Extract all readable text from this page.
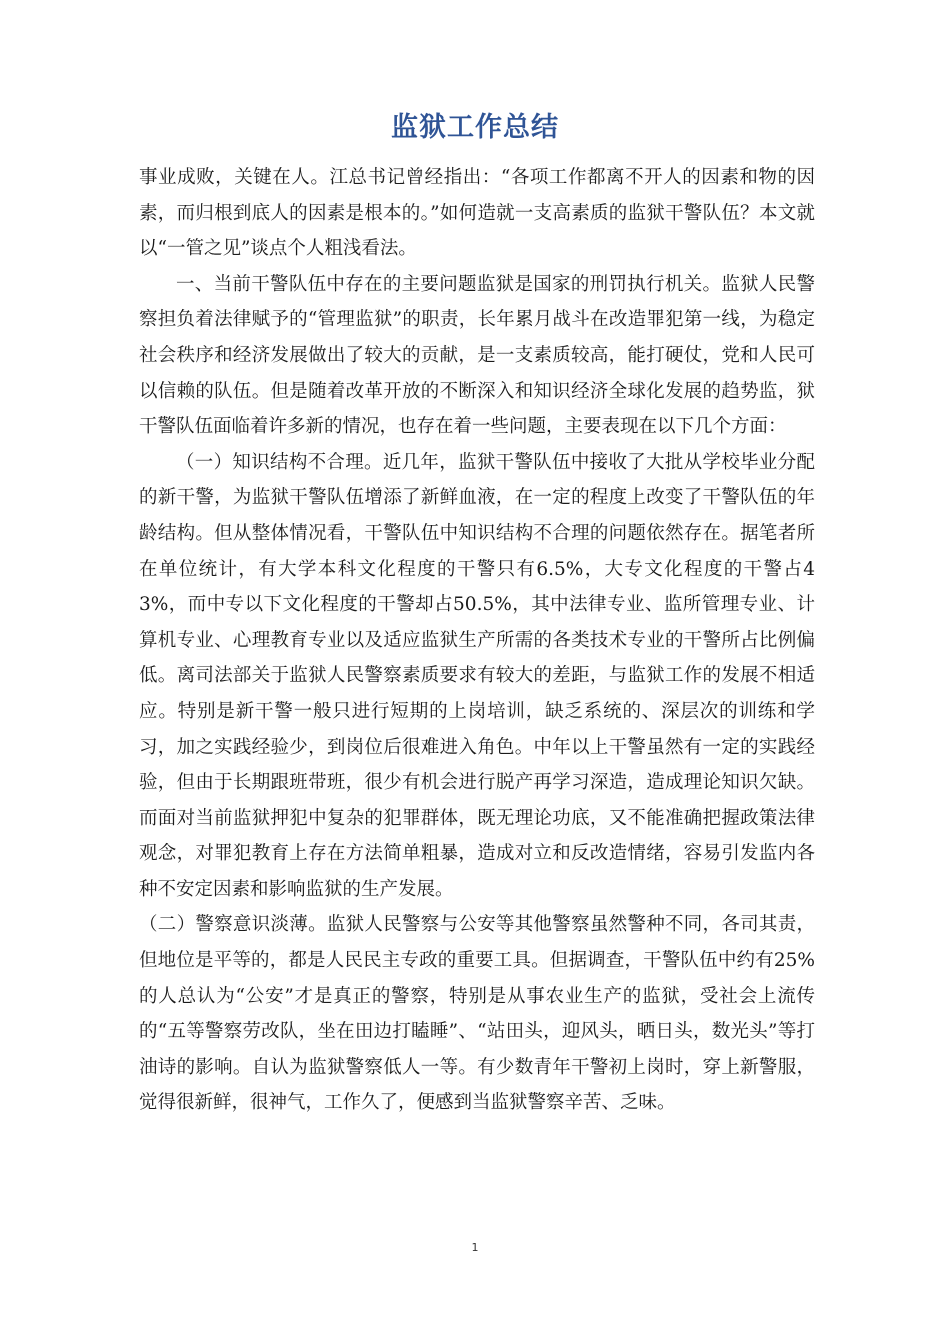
监狱工作总结

事业成败，关键在人。江总书记曾经指出：“各项工作都离不开人的因素和物的因素，而归根到底人的因素是根本的。”如何造就一支高素质的监狱干警队伍？本文就以“一管之见”谈点个人粗浅看法。

一、当前干警队伍中存在的主要问题监狱是国家的刑罚执行机关。监狱人民警察担负着法律赋予的“管理监狱”的职责，长年累月战斗在改造罪犯第一线，为稳定社会秩序和经济发展做出了较大的贡献，是一支素质较高，能打硬仗，党和人民可以信赖的队伍。但是随着改革开放的不断深入和知识经济全球化发展的趋势监，狱干警队伍面临着许多新的情况，也存在着一些问题，主要表现在以下几个方面：

（一）知识结构不合理。近几年，监狱干警队伍中接收了大批从学校毕业分配的新干警，为监狱干警队伍增添了新鲜血液，在一定的程度上改变了干警队伍的年龄结构。但从整体情况看，干警队伍中知识结构不合理的问题依然存在。据笔者所在单位统计，有大学本科文化程度的干警只有6.5%，大专文化程度的干警占43%，而中专以下文化程度的干警却占50.5%，其中法律专业、监所管理专业、计算机专业、心理教育专业以及适应监狱生产所需的各类技术专业的干警所占比例偏低。离司法部关于监狱人民警察素质要求有较大的差距，与监狱工作的发展不相适应。特别是新干警一般只进行短期的上岗培训，缺乏系统的、深层次的训练和学习，加之实践经验少，到岗位后很难进入角色。中年以上干警虽然有一定的实践经验，但由于长期跟班带班，很少有机会进行脱产再学习深造，造成理论知识欠缺。而面对当前监狱押犯中复杂的犯罪群体，既无理论功底，又不能准确把握政策法律观念，对罪犯教育上存在方法简单粗暴，造成对立和反改造情绪，容易引发监内各种不安定因素和影响监狱的生产发展。

（二）警察意识淡薄。监狱人民警察与公安等其他警察虽然警种不同，各司其责，但地位是平等的，都是人民民主专政的重要工具。但据调查，干警队伍中约有25%的人总认为“公安”才是真正的警察，特别是从事农业生产的监狱，受社会上流传的“五等警察劳改队，坐在田边打瞌睡”、“站田头，迎风头，晒日头，数光头”等打油诗的影响。自认为监狱警察低人一等。有少数青年干警初上岗时，穿上新警服，觉得很新鲜，很神气，工作久了，便感到当监狱警察辛苦、乏味。

1
